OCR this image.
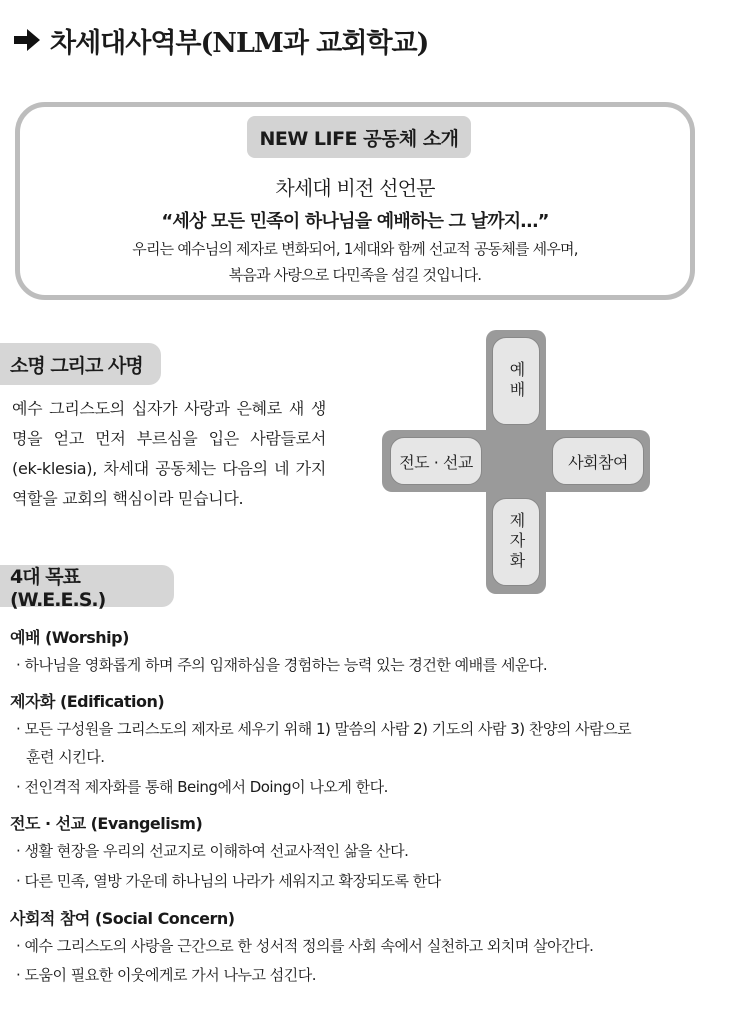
차세대사역부(NLM과 교회학교)
NEW LIFE 공동체 소개
차세대 비전 선언문
“세상 모든 민족이 하나님을 예배하는 그 날까지…”
우리는 예수님의 제자로 변화되어, 1세대와 함께 선교적 공동체를 세우며,
복음과 사랑으로 다민족을 섬길 것입니다.
소명 그리고 사명
예수 그리스도의 십자가 사랑과 은혜로 새 생명을 얻고 먼저 부르심을 입은 사람들로서 (ek-klesia), 차세대 공동체는 다음의 네 가지 역할을 교회의 핵심이라 믿습니다.
예배
제자화
전도 · 선교	사회참여
4대 목표 (W.E.E.S.)
예배 (Worship)
· 하나님을 영화롭게 하며 주의 임재하심을 경험하는 능력 있는 경건한 예배를 세운다.
제자화 (Edification)
· 모든 구성원을 그리스도의 제자로 세우기 위해 1) 말씀의 사람 2) 기도의 사람 3) 찬양의 사람으로
훈련 시킨다.
· 전인격적 제자화를 통해 Being에서 Doing이 나오게 한다.
전도 · 선교 (Evangelism)
· 생활 현장을 우리의 선교지로 이해하여 선교사적인 삶을 산다.
· 다른 민족, 열방 가운데 하나님의 나라가 세워지고 확장되도록 한다
사회적 참여 (Social Concern)
· 예수 그리스도의 사랑을 근간으로 한 성서적 정의를 사회 속에서 실천하고 외치며 살아간다.
· 도움이 필요한 이웃에게로 가서 나누고 섬긴다.
